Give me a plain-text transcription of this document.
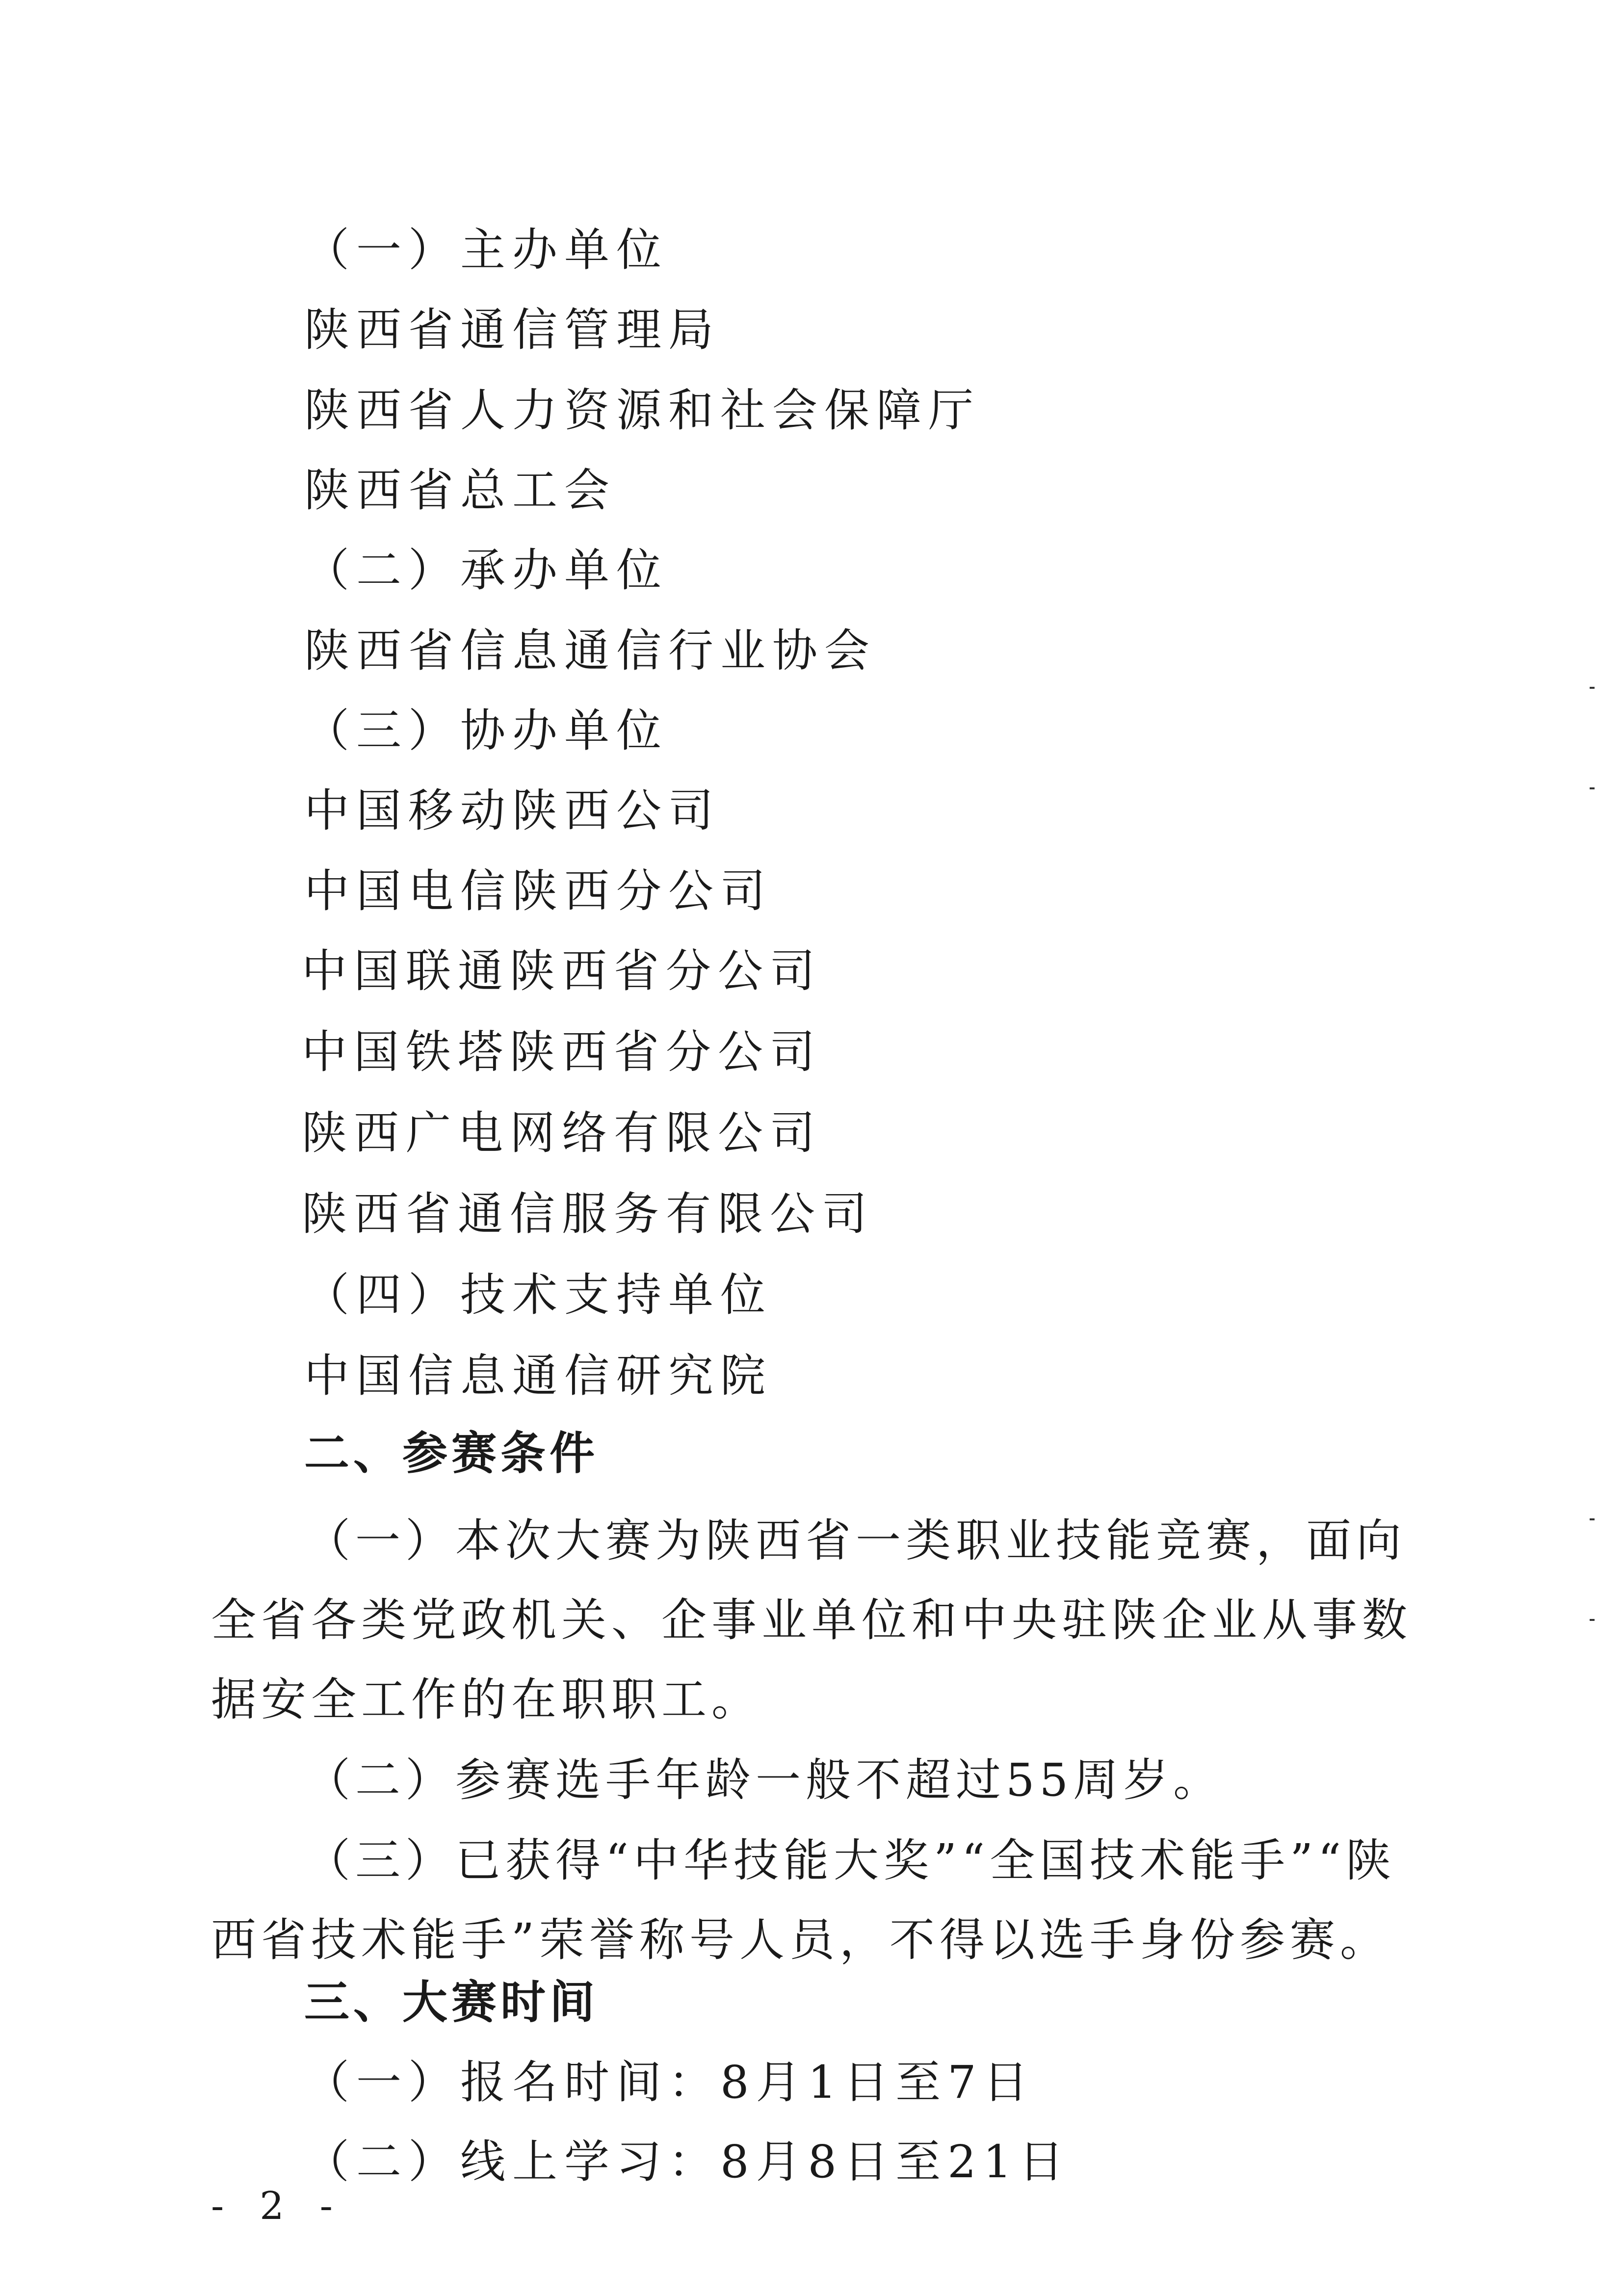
（一）主办单位
陕西省通信管理局
陕西省人力资源和社会保障厅
陕西省总工会
（二）承办单位
陕西省信息通信行业协会
（三）协办单位
中国移动陕西公司
中国电信陕西分公司
中国联通陕西省分公司
中国铁塔陕西省分公司
陕西广电网络有限公司
陕西省通信服务有限公司
（四）技术支持单位
中国信息通信研究院
二、参赛条件
（一）本次大赛为陕西省一类职业技能竞赛，面向全省各类党政机关、企事业单位和中央驻陕企业从事数据安全工作的在职职工。
（二）参赛选手年龄一般不超过55周岁。
（三）已获得“中华技能大奖”“全国技术能手”“陕西省技术能手”荣誉称号人员，不得以选手身份参赛。
三、大赛时间
（一）报名时间：8月1日至7日
（二）线上学习：8月8日至21日
- 2 -
